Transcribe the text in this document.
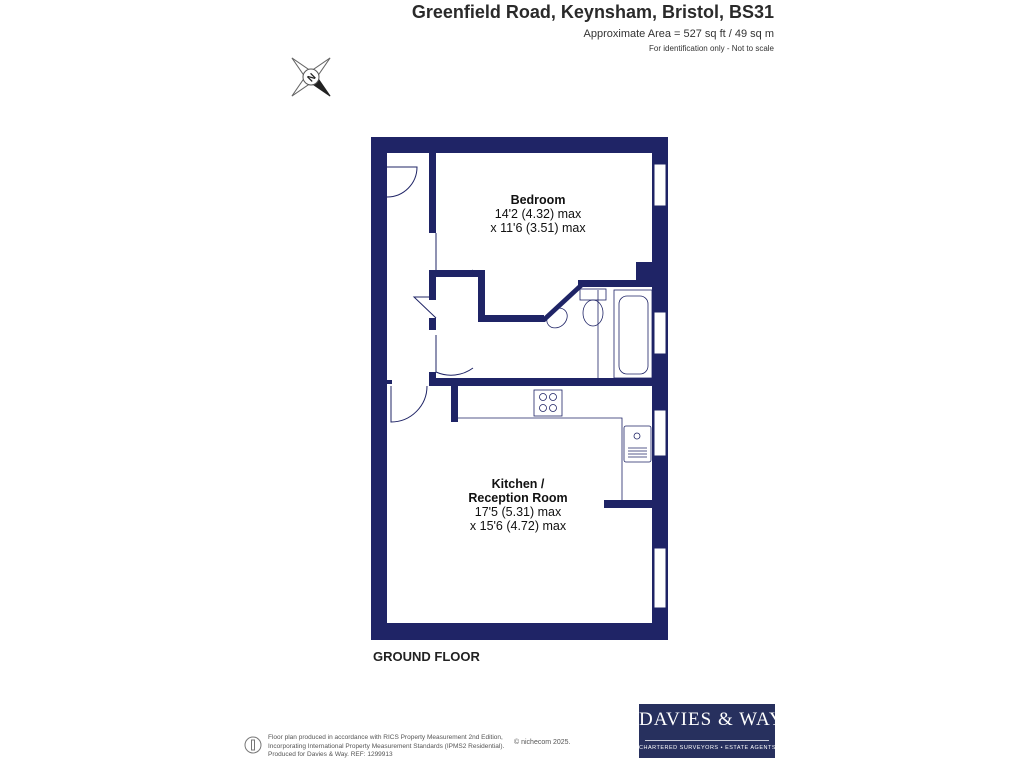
Greenfield Road, Keynsham, Bristol, BS31
Approximate Area = 527 sq ft / 49 sq m
For identification only - Not to scale
N
Bedroom
14'2 (4.32) max
x 11'6 (3.51) max
Kitchen /
Reception Room
17'5 (5.31) max
x 15'6 (4.72) max
GROUND FLOOR
Floor plan produced in accordance with RICS Property Measurement 2nd Edition,
Incorporating International Property Measurement Standards (IPMS2 Residential).
Produced for Davies & Way. REF: 1299913
© nichecom 2025.
DAVIES & WAY
CHARTERED SURVEYORS • ESTATE AGENTS
